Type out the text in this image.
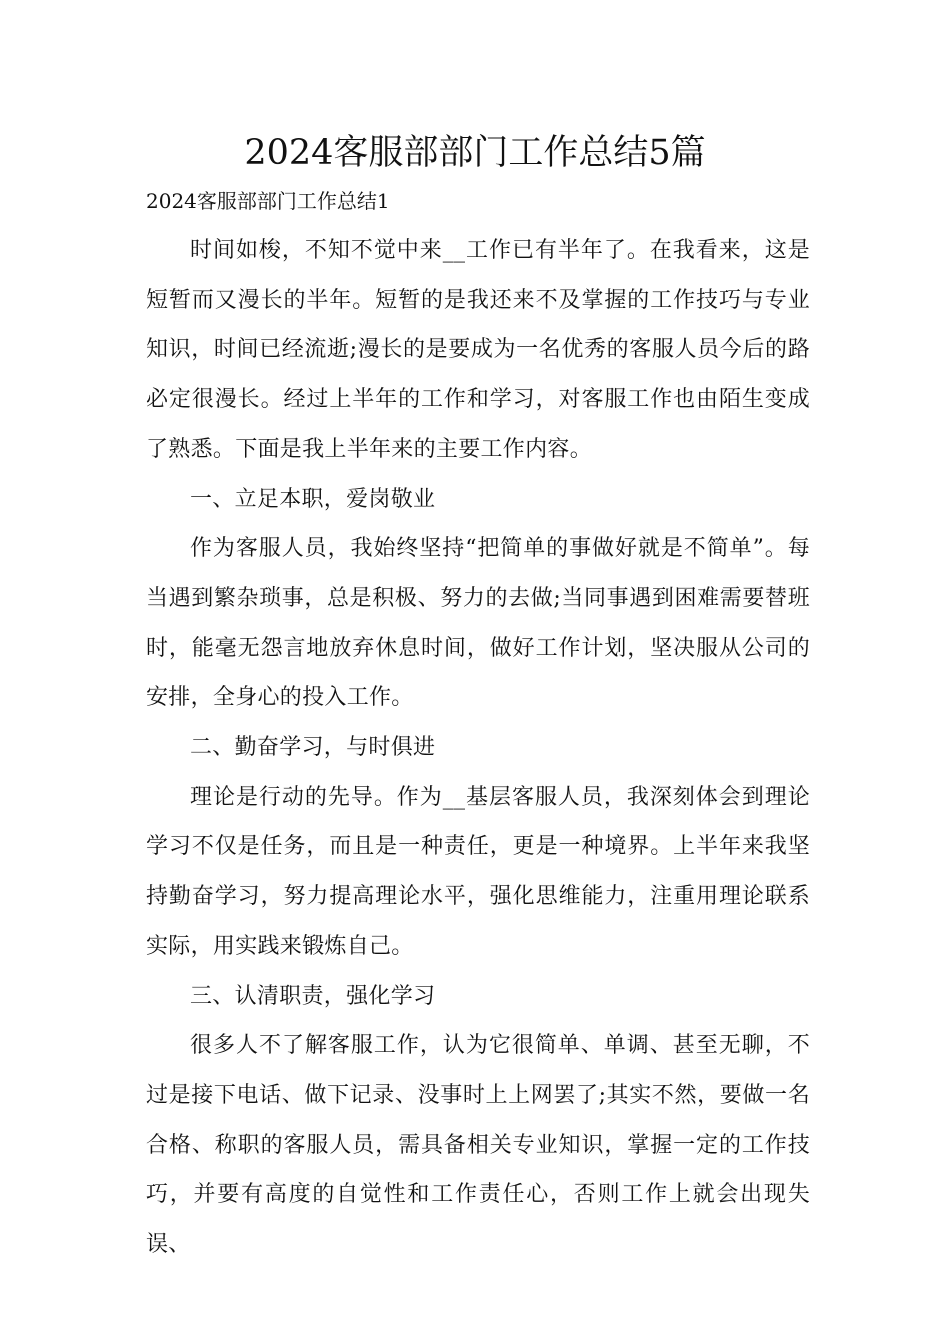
2024客服部部门工作总结5篇
2024客服部部门工作总结1

时间如梭，不知不觉中来__工作已有半年了。在我看来，这是短暂而又漫长的半年。短暂的是我还来不及掌握的工作技巧与专业知识，时间已经流逝;漫长的是要成为一名优秀的客服人员今后的路必定很漫长。经过上半年的工作和学习，对客服工作也由陌生变成了熟悉。下面是我上半年来的主要工作内容。

一、立足本职，爱岗敬业

作为客服人员，我始终坚持“把简单的事做好就是不简单”。每当遇到繁杂琐事，总是积极、努力的去做;当同事遇到困难需要替班时，能毫无怨言地放弃休息时间，做好工作计划，坚决服从公司的安排，全身心的投入工作。

二、勤奋学习，与时俱进

理论是行动的先导。作为__基层客服人员，我深刻体会到理论学习不仅是任务，而且是一种责任，更是一种境界。上半年来我坚持勤奋学习，努力提高理论水平，强化思维能力，注重用理论联系实际，用实践来锻炼自己。

三、认清职责，强化学习

很多人不了解客服工作，认为它很简单、单调、甚至无聊，不过是接下电话、做下记录、没事时上上网罢了;其实不然，要做一名合格、称职的客服人员，需具备相关专业知识，掌握一定的工作技巧，并要有高度的自觉性和工作责任心，否则工作上就会出现失误、
